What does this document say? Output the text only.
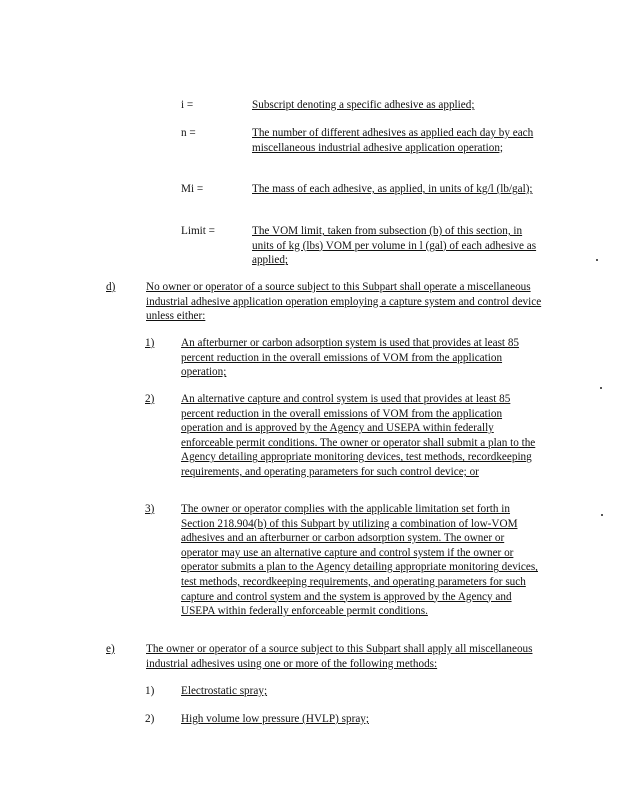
i =	Subscript denoting a specific adhesive as applied;
n =	The number of different adhesives as applied each day by each miscellaneous industrial adhesive application operation;
Mi =	The mass of each adhesive, as applied, in units of kg/l (lb/gal);
Limit =	The VOM limit, taken from subsection (b) of this section, in units of kg (lbs) VOM per volume in l (gal) of each adhesive as applied;
d)	No owner or operator of a source subject to this Subpart shall operate a miscellaneous industrial adhesive application operation employing a capture system and control device unless either:
1)	An afterburner or carbon adsorption system is used that provides at least 85 percent reduction in the overall emissions of VOM from the application operation;
2)	An alternative capture and control system is used that provides at least 85 percent reduction in the overall emissions of VOM from the application operation and is approved by the Agency and USEPA within federally enforceable permit conditions. The owner or operator shall submit a plan to the Agency detailing appropriate monitoring devices, test methods, recordkeeping requirements, and operating parameters for such control device; or
3)	The owner or operator complies with the applicable limitation set forth in Section 218.904(b) of this Subpart by utilizing a combination of low-VOM adhesives and an afterburner or carbon adsorption system. The owner or operator may use an alternative capture and control system if the owner or operator submits a plan to the Agency detailing appropriate monitoring devices, test methods, recordkeeping requirements, and operating parameters for such capture and control system and the system is approved by the Agency and USEPA within federally enforceable permit conditions.
e)	The owner or operator of a source subject to this Subpart shall apply all miscellaneous industrial adhesives using one or more of the following methods:
1)	Electrostatic spray;
2)	High volume low pressure (HVLP) spray;
